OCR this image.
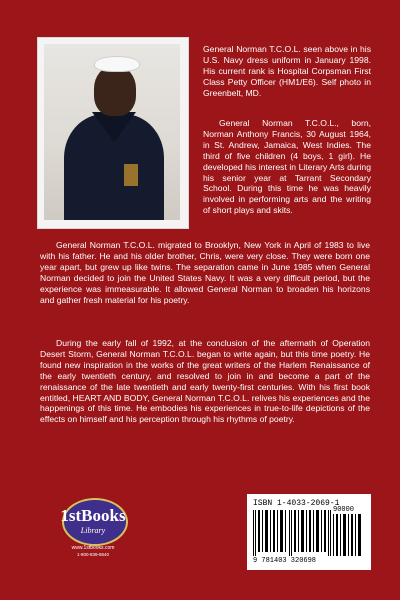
General Norman T.C.O.L. seen above in his U.S. Navy dress uniform in January 1998. His current rank is Hospital Corpsman First Class Petty Officer (HM1/E6). Self photo in Greenbelt, MD.

General Norman T.C.O.L., born, Norman Anthony Francis, 30 August 1964, in St. Andrew, Jamaica, West Indies. The third of five children (4 boys, 1 girl). He developed his interest in Literary Arts during his senior year at Tarrant Secondary School. During this time he was heavily involved in performing arts and the writing of short plays and skits.

General Norman T.C.O.L. migrated to Brooklyn, New York in April of 1983 to live with his father. He and his older brother, Chris, were very close. They were born one year apart, but grew up like twins. The separation came in June 1985 when General Norman decided to join the United States Navy. It was a very difficult period, but the experience was immeasurable. It allowed General Norman to broaden his horizons and gather fresh material for his poetry.

During the early fall of 1992, at the conclusion of the aftermath of Operation Desert Storm, General Norman T.C.O.L. began to write again, but this time poetry. He found new inspiration in the works of the great writers of the Harlem Renaissance of the early twentieth century, and resolved to join in and become a part of the renaissance of the late twentieth and early twenty-first centuries. With his first book entitled, HEART AND BODY, General Norman T.C.O.L. relives his experiences and the happenings of this time. He embodies his experiences in true-to-life depictions of the effects on himself and his perception through his rhythms of poetry.

1stBooks
Library
www.1stbooks.com
1-800-839-8640
ISBN 1-4033-2069-1
90000
9 781403 320698
